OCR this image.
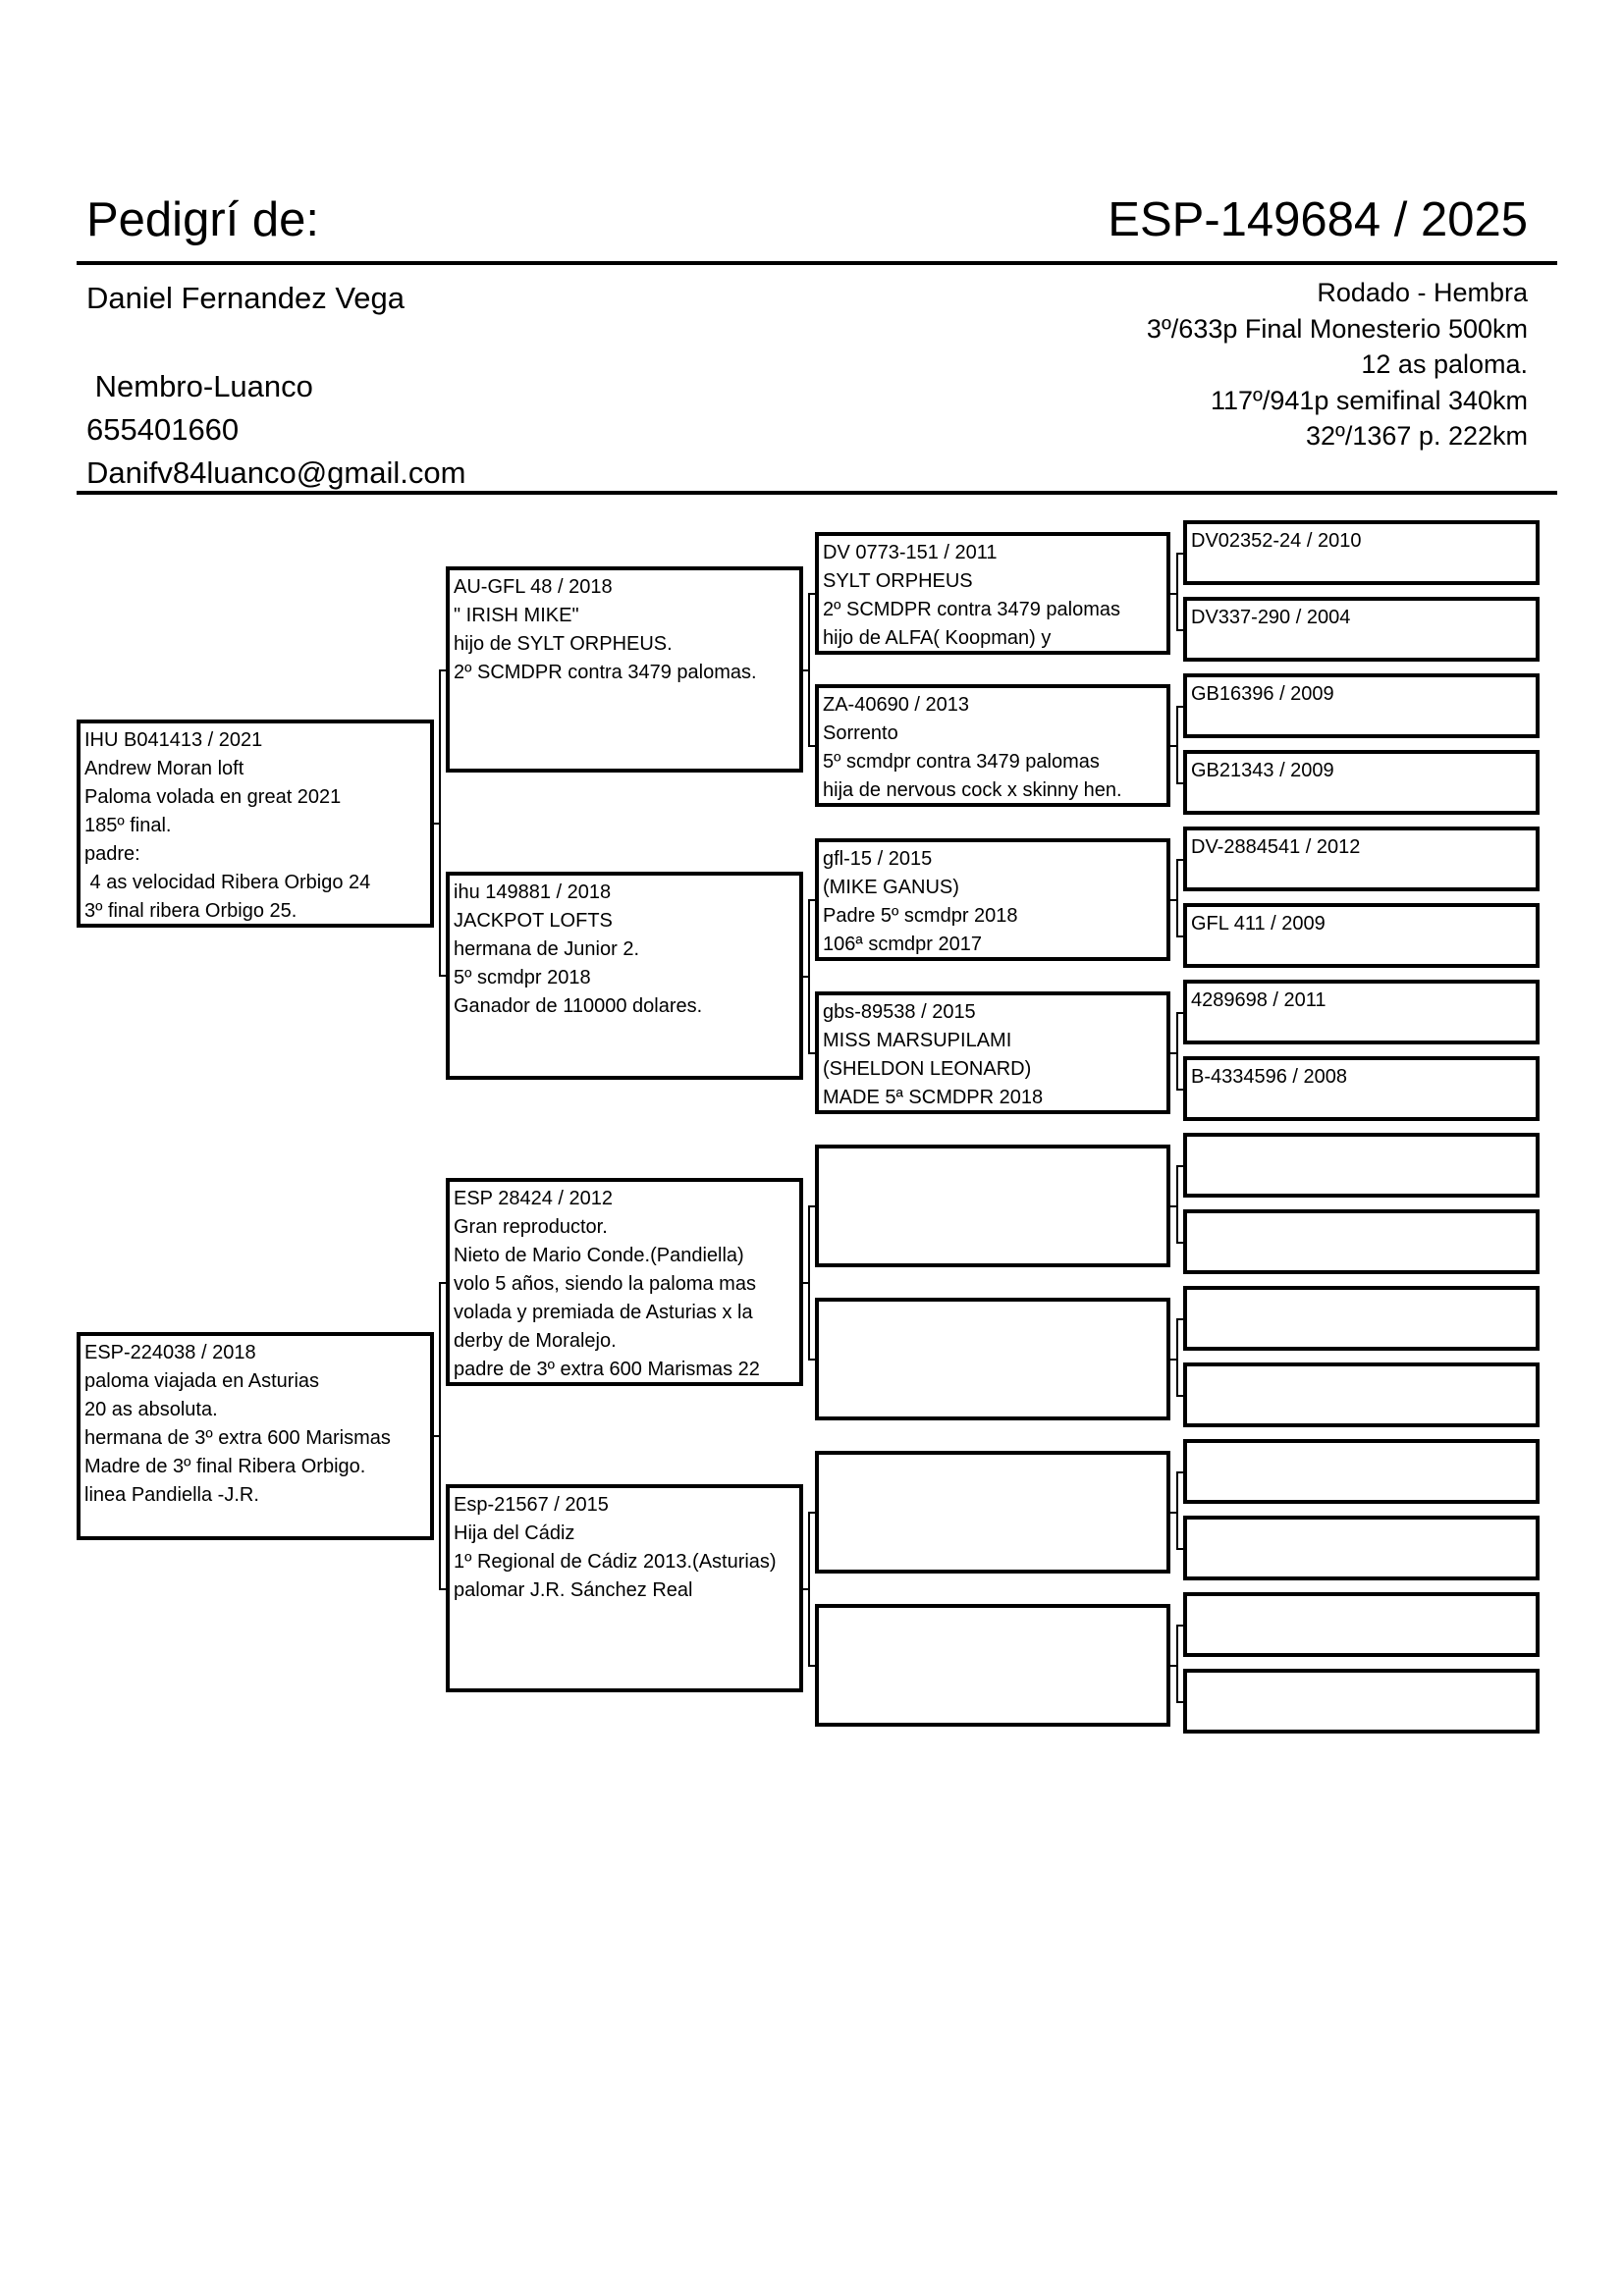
Pedigrí de:	ESP-149684 / 2025
Daniel Fernandez Vega
Nembro-Luanco
655401660
Danifv84luanco@gmail.com
Rodado - Hembra
3º/633p Final Monesterio 500km
12 as paloma.
117º/941p semifinal 340km
32º/1367 p. 222km
IHU B041413 / 2021
Andrew Moran loft
Paloma volada en great 2021
185º final.
padre:
4 as velocidad Ribera Orbigo 24
3º final ribera Orbigo 25.
ESP-224038 / 2018
paloma viajada en Asturias
20 as absoluta.
hermana de 3º extra 600 Marismas
Madre de 3º final Ribera Orbigo.
linea Pandiella -J.R.
AU-GFL 48 / 2018
" IRISH MIKE"
hijo de SYLT ORPHEUS.
2º SCMDPR contra 3479 palomas.
ihu 149881 / 2018
JACKPOT LOFTS
hermana de Junior 2.
5º scmdpr 2018
Ganador de 110000 dolares.
ESP 28424 / 2012
Gran reproductor.
Nieto de Mario Conde.(Pandiella)
volo 5 años, siendo la paloma mas
volada y premiada de Asturias x la
derby de Moralejo.
padre de 3º extra 600 Marismas 22
Esp-21567 / 2015
Hija del Cádiz
1º Regional de Cádiz 2013.(Asturias)
palomar J.R. Sánchez Real
DV 0773-151 / 2011
SYLT ORPHEUS
2º SCMDPR contra 3479 palomas
hijo de ALFA( Koopman) y
ZA-40690 / 2013
Sorrento
5º scmdpr contra 3479 palomas
hija de nervous cock x skinny hen.
gfl-15 / 2015
(MIKE GANUS)
Padre 5º scmdpr 2018
106ª scmdpr 2017
gbs-89538 / 2015
MISS MARSUPILAMI
(SHELDON LEONARD)
MADE 5ª SCMDPR 2018
DV02352-24 / 2010
DV337-290 / 2004
GB16396 / 2009
GB21343 / 2009
DV-2884541 / 2012
GFL 411 / 2009
4289698 / 2011
B-4334596 / 2008
